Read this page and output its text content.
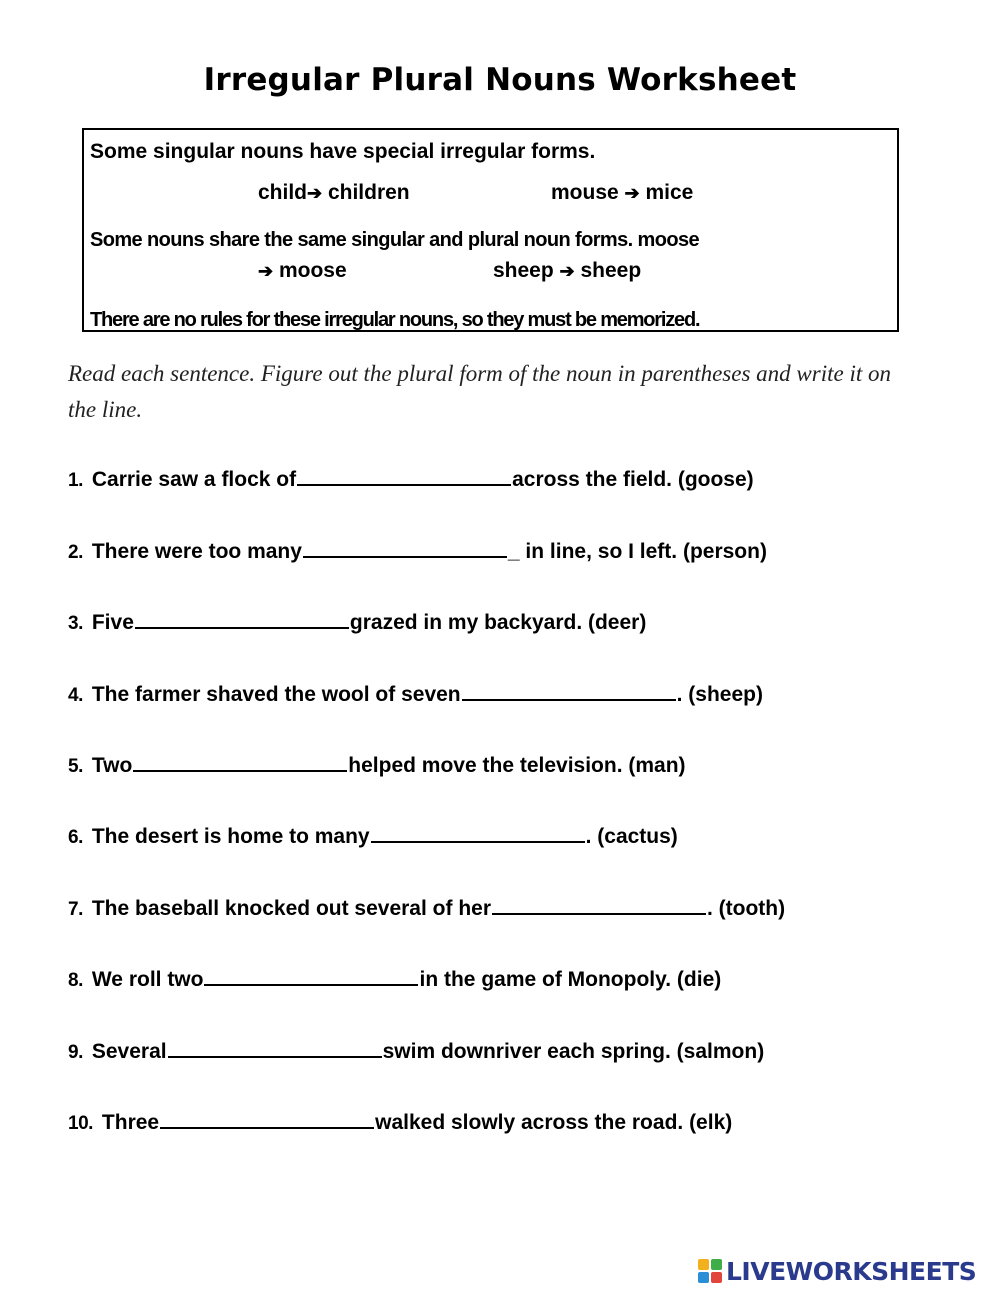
Irregular Plural Nouns Worksheet
Some singular nouns have special irregular forms.
child➔ children	mouse ➔ mice
Some nouns share the same singular and plural noun forms. moose
➔ moose	sheep ➔ sheep
There are no rules for these irregular nouns, so they must be memorized.
Read each sentence. Figure out the plural form of the noun in parentheses and write it on the line.
1. Carrie saw a flock of	across the field. (goose)
2. There were too many	_ in line, so I left. (person)
3. Five	grazed in my backyard. (deer)
4. The farmer shaved the wool of seven	. (sheep)
5. Two	helped move the television. (man)
6. The desert is home to many	. (cactus)
7. The baseball knocked out several of her	. (tooth)
8. We roll two	in the game of Monopoly. (die)
9. Several	swim downriver each spring. (salmon)
10. Three	walked slowly across the road. (elk)
LIVEWORKSHEETS
